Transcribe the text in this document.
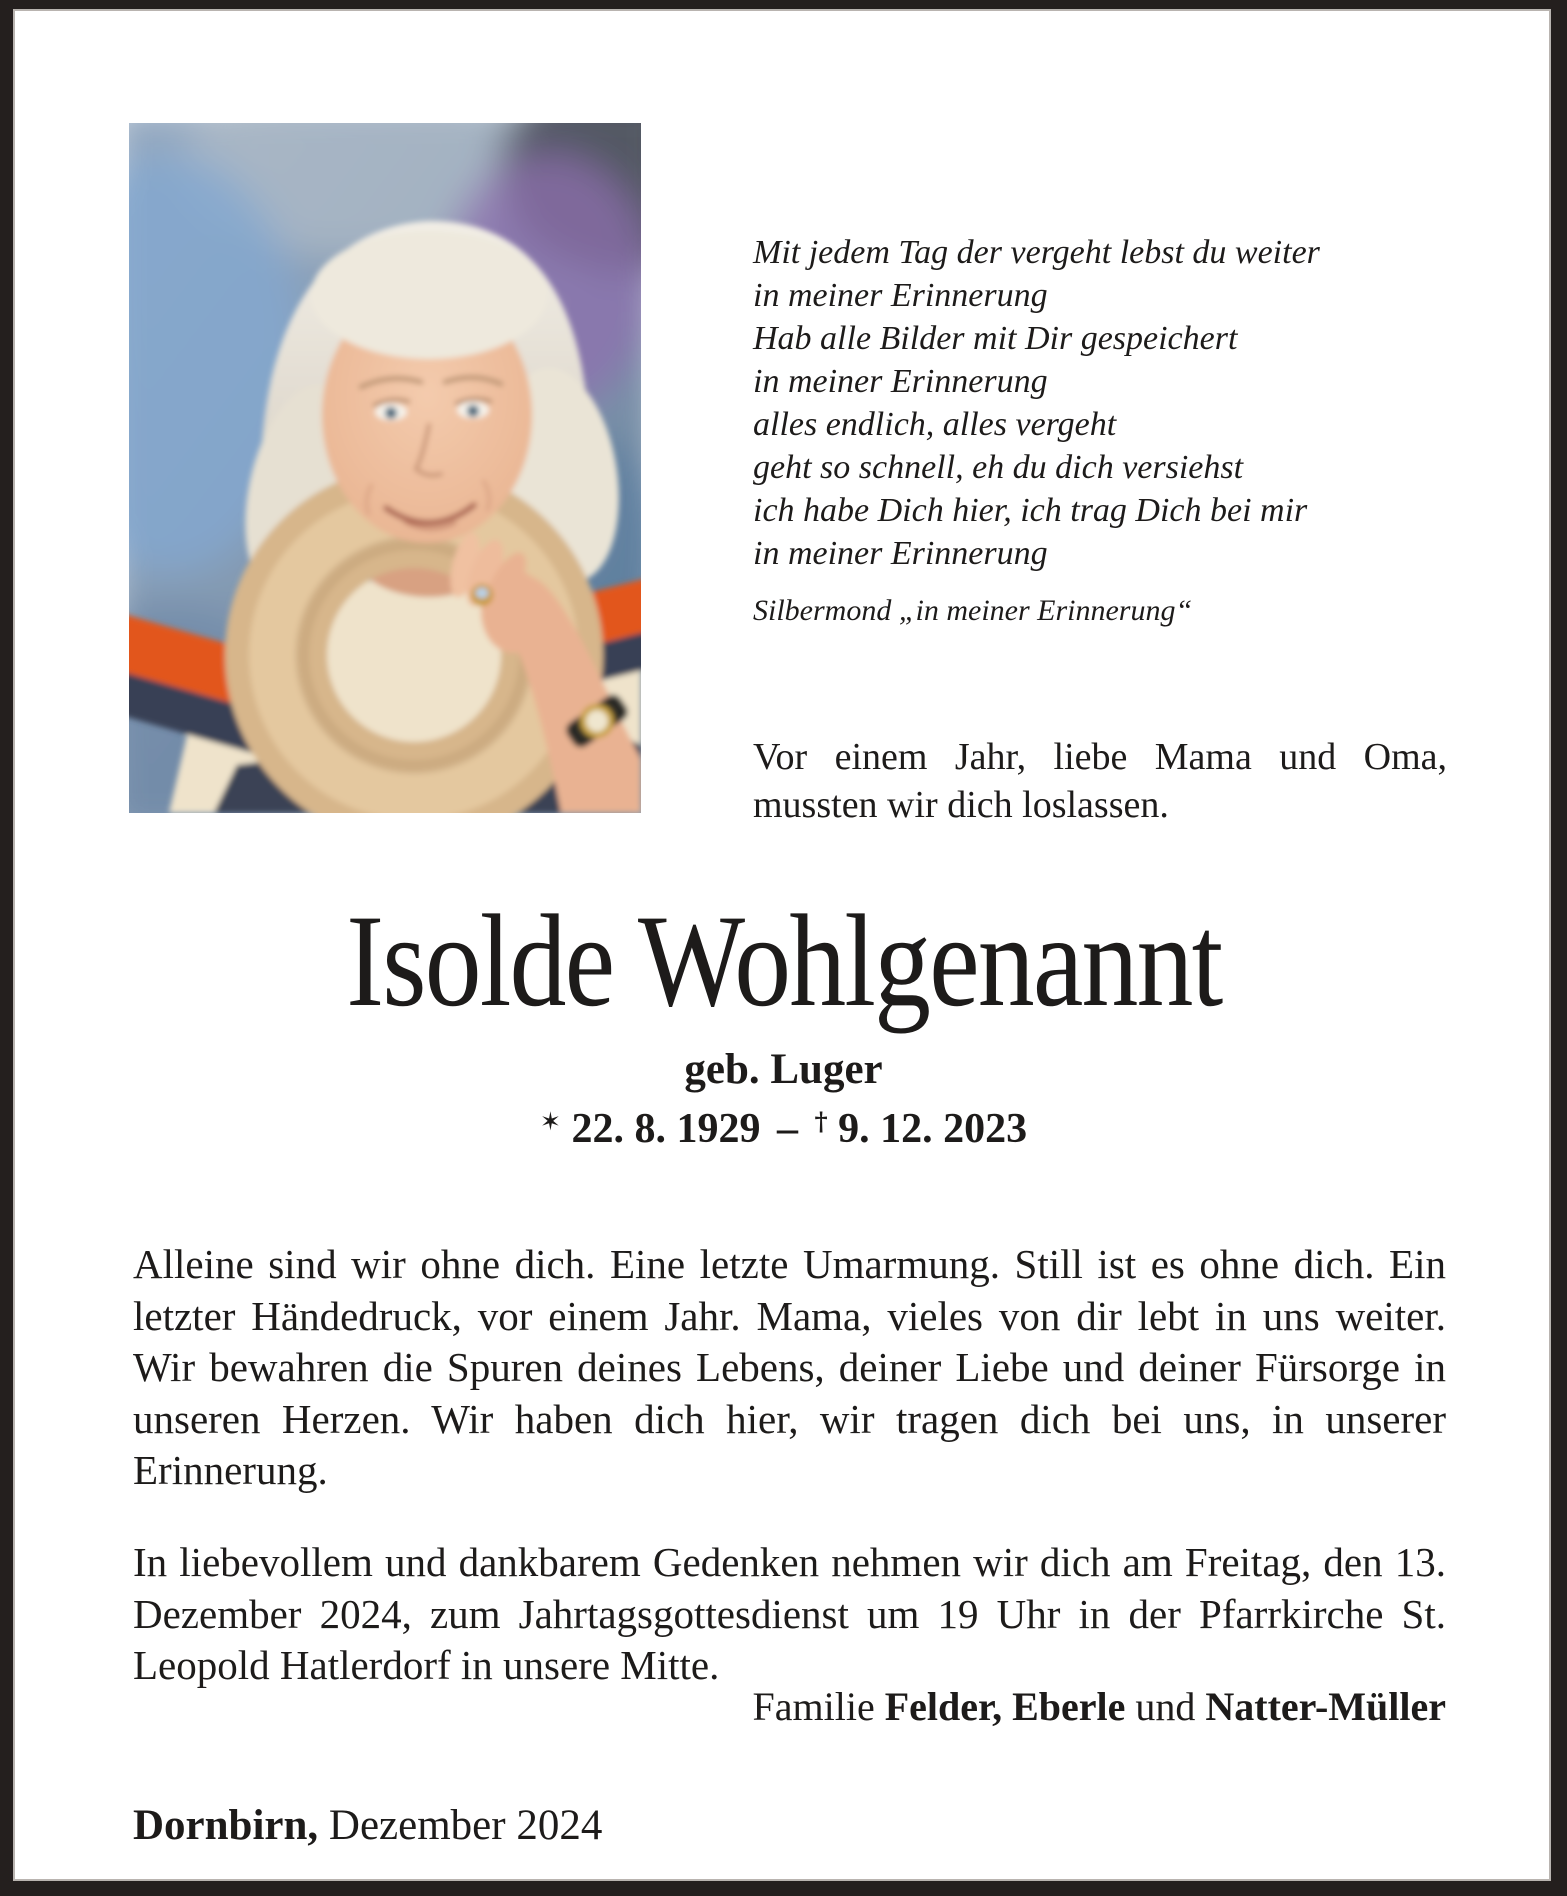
Mit jedem Tag der vergeht lebst du weiter
in meiner Erinnerung
Hab alle Bilder mit Dir gespeichert
in meiner Erinnerung
alles endlich, alles vergeht
geht so schnell, eh du dich versiehst
ich habe Dich hier, ich trag Dich bei mir
in meiner Erinnerung
Silbermond „in meiner Erinnerung“
Vor einem Jahr, liebe Mama und Oma, mussten wir dich loslassen.
Isolde Wohlgenannt
geb. Luger
✶ 22. 8. 1929 – † 9. 12. 2023

Alleine sind wir ohne dich. Eine letzte Umarmung. Still ist es ohne dich. Ein letzter Händedruck, vor einem Jahr. Mama, vieles von dir lebt in uns weiter. Wir bewahren die Spuren deines Lebens, deiner Liebe und deiner Fürsorge in unseren Herzen. Wir haben dich hier, wir tragen dich bei uns, in unserer Erinnerung.

In liebevollem und dankbarem Gedenken nehmen wir dich am Freitag, den 13. Dezember 2024, zum Jahrtagsgottesdienst um 19 Uhr in der Pfarrkirche St. Leopold Hatlerdorf in unsere Mitte.

Familie Felder, Eberle und Natter-Müller
Dornbirn, Dezember 2024
